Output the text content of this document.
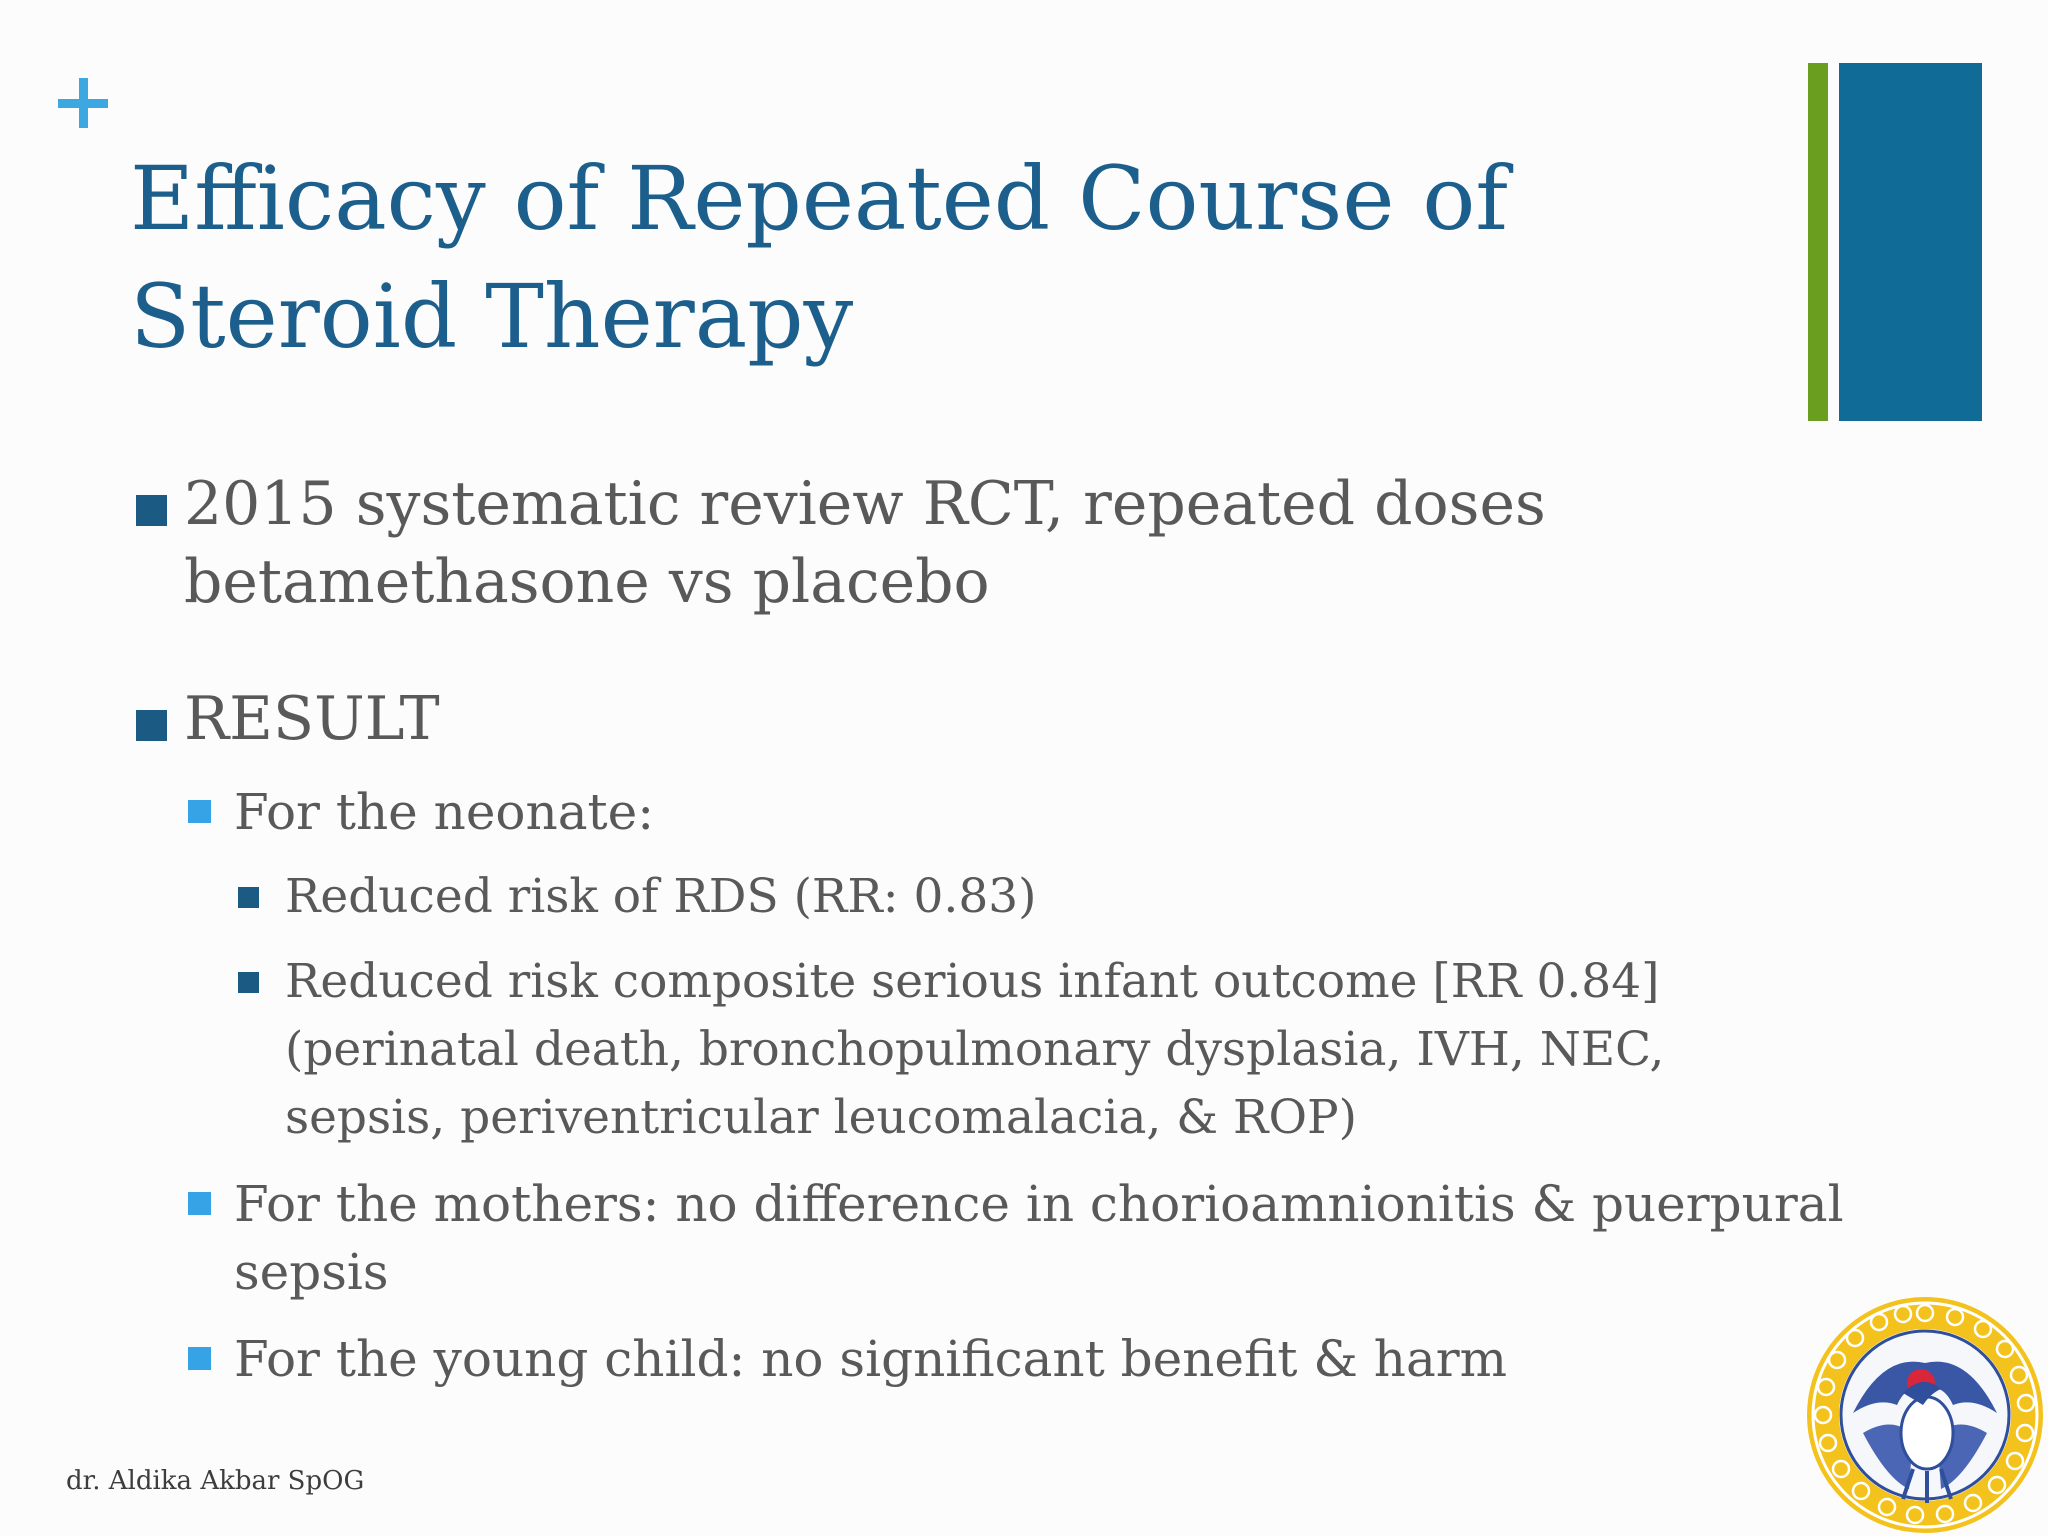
Efficacy of Repeated Course of Steroid Therapy
2015 systematic review RCT, repeated doses betamethasone vs placebo
RESULT
For the neonate:
Reduced risk of RDS (RR: 0.83)
Reduced risk composite serious infant outcome [RR 0.84] (perinatal death, bronchopulmonary dysplasia, IVH, NEC, sepsis, periventricular leucomalacia, & ROP)
For the mothers: no difference in chorioamnionitis & puerpural sepsis
For the young child: no significant benefit & harm
dr. Aldika Akbar SpOG
